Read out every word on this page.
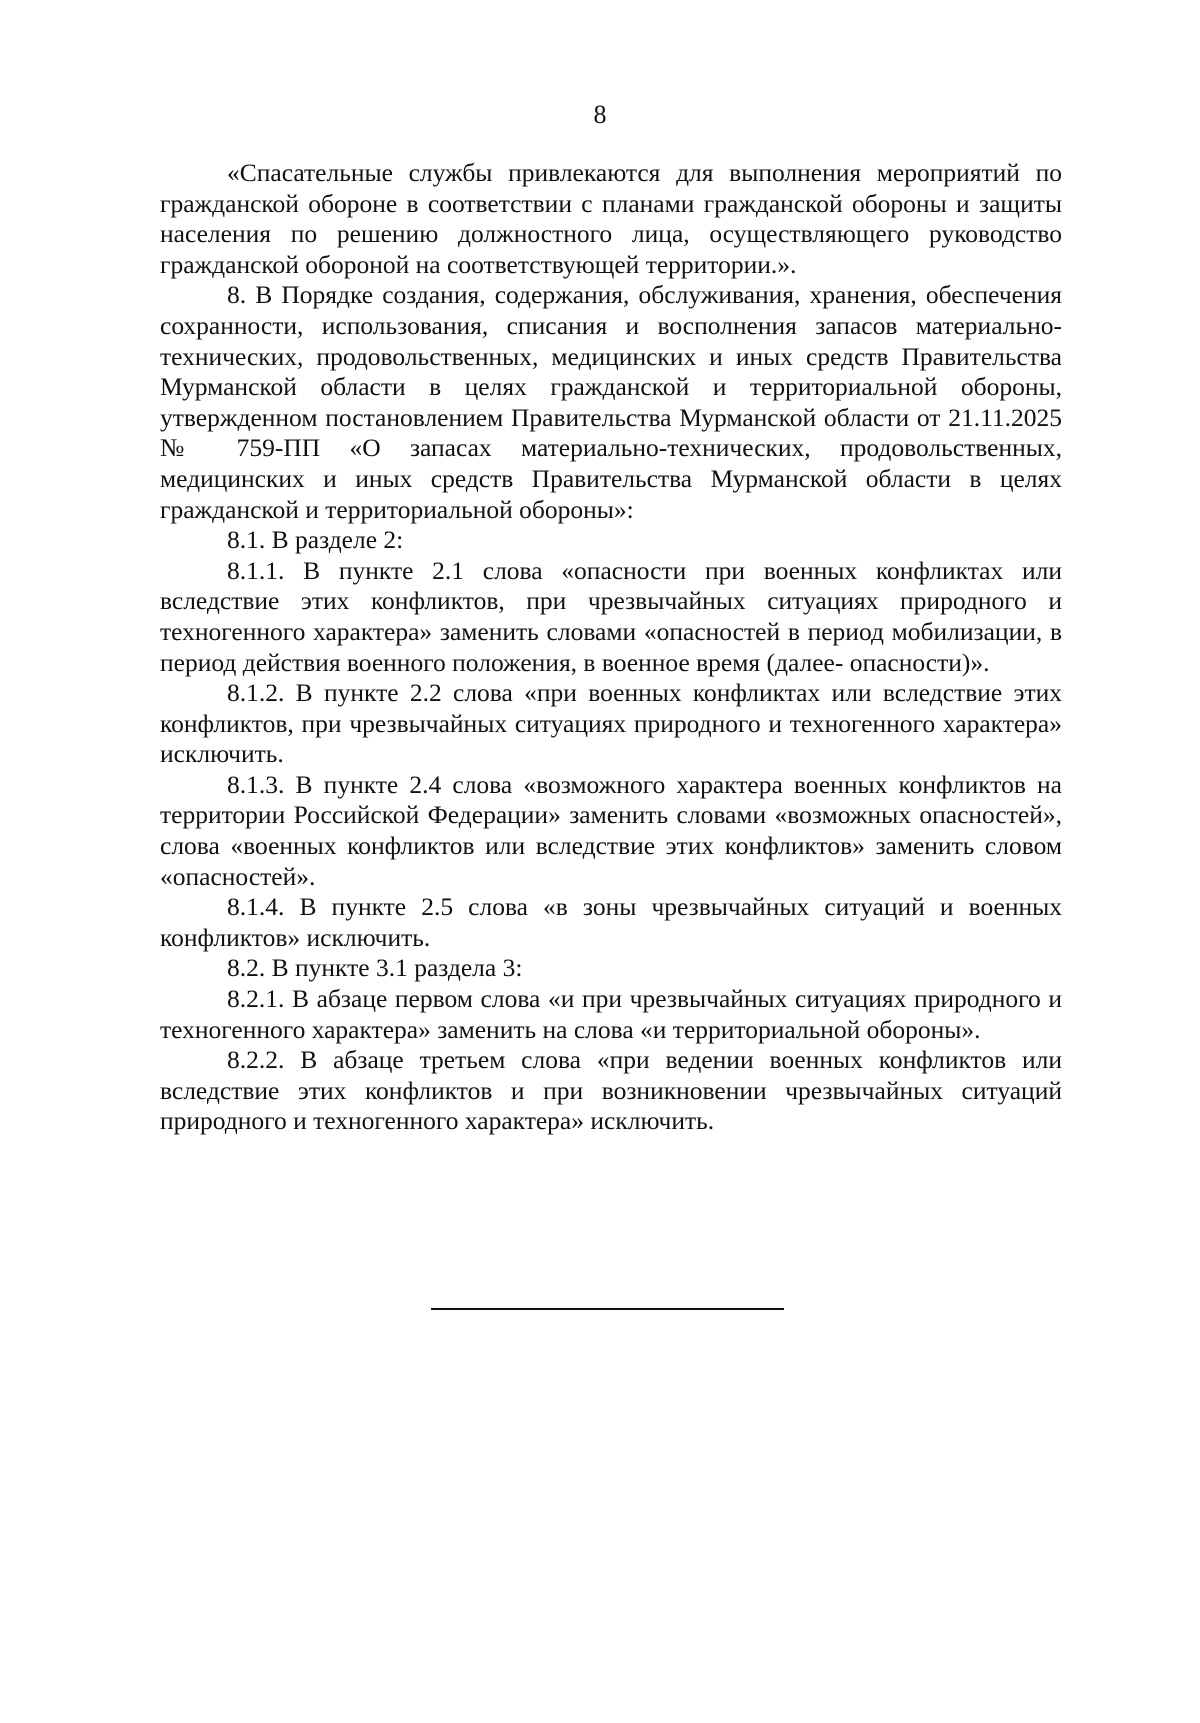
8

«Спасательные службы привлекаются для выполнения мероприятий по гражданской обороне в соответствии с планами гражданской обороны и защиты населения по решению должностного лица, осуществляющего руководство гражданской обороной на соответствующей территории.».

8. В Порядке создания, содержания, обслуживания, хранения, обеспечения сохранности, использования, списания и восполнения запасов материально-технических, продовольственных, медицинских и иных средств Правительства Мурманской области в целях гражданской и территориальной обороны, утвержденном постановлением Правительства Мурманской области от 21.11.2025 № 759-ПП «О запасах материально-технических, продовольственных, медицинских и иных средств Правительства Мурманской области в целях гражданской и территориальной обороны»:

8.1. В разделе 2:

8.1.1. В пункте 2.1 слова «опасности при военных конфликтах или вследствие этих конфликтов, при чрезвычайных ситуациях природного и техногенного характера» заменить словами «опасностей в период мобилизации, в период действия военного положения, в военное время (далее- опасности)».

8.1.2. В пункте 2.2 слова «при военных конфликтах или вследствие этих конфликтов, при чрезвычайных ситуациях природного и техногенного характера» исключить.

8.1.3. В пункте 2.4 слова «возможного характера военных конфликтов на территории Российской Федерации» заменить словами «возможных опасностей», слова «военных конфликтов или вследствие этих конфликтов» заменить словом «опасностей».

8.1.4. В пункте 2.5 слова «в зоны чрезвычайных ситуаций и военных конфликтов» исключить.

8.2. В пункте 3.1 раздела 3:

8.2.1. В абзаце первом слова «и при чрезвычайных ситуациях природного и техногенного характера» заменить на слова «и территориальной обороны».

8.2.2. В абзаце третьем слова «при ведении военных конфликтов или вследствие этих конфликтов и при возникновении чрезвычайных ситуаций природного и техногенного характера» исключить.
